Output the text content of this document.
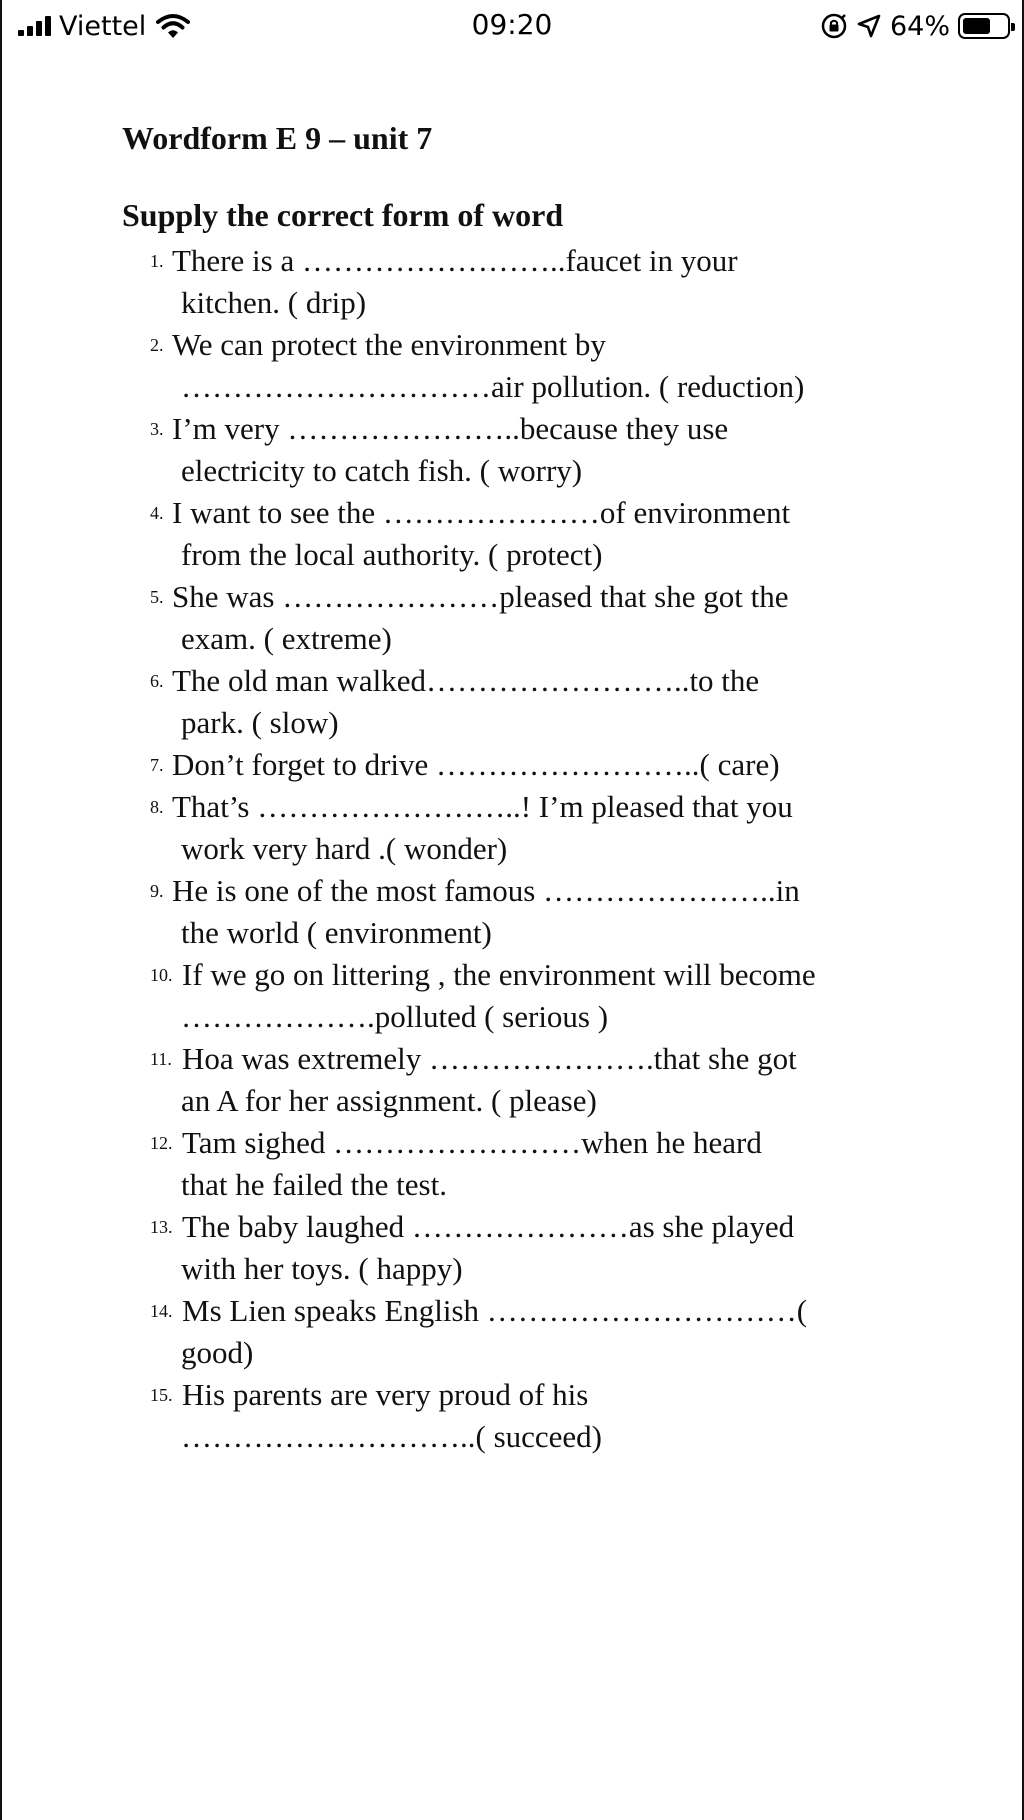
Viettel	09:20	64%
Wordform E 9 – unit 7
Supply the correct form of word
1. There is a ……………………..faucet in your
kitchen. ( drip)
2. We can protect the environment by
…………………………air pollution. ( reduction)
3. I’m very …………………..because they use
electricity to catch fish. ( worry)
4. I want to see the …………………of environment
from the local authority. ( protect)
5. She was …………………pleased that she got the
exam. ( extreme)
6. The old man walked……………………..to the
park. ( slow)
7. Don’t forget to drive ……………………..( care)
8. That’s ……………………..! I’m pleased that you
work very hard .( wonder)
9. He is one of the most famous …………………..in
the world ( environment)
10. If we go on littering , the environment will become
……………….polluted ( serious )
11. Hoa was extremely ………………….that she got
an A for her assignment. ( please)
12. Tam sighed ……………………when he heard
that he failed the test.
13. The baby laughed …………………as she played
with her toys. ( happy)
14. Ms Lien speaks English …………………………(
good)
15. His parents are very proud of his
………………………..( succeed)
